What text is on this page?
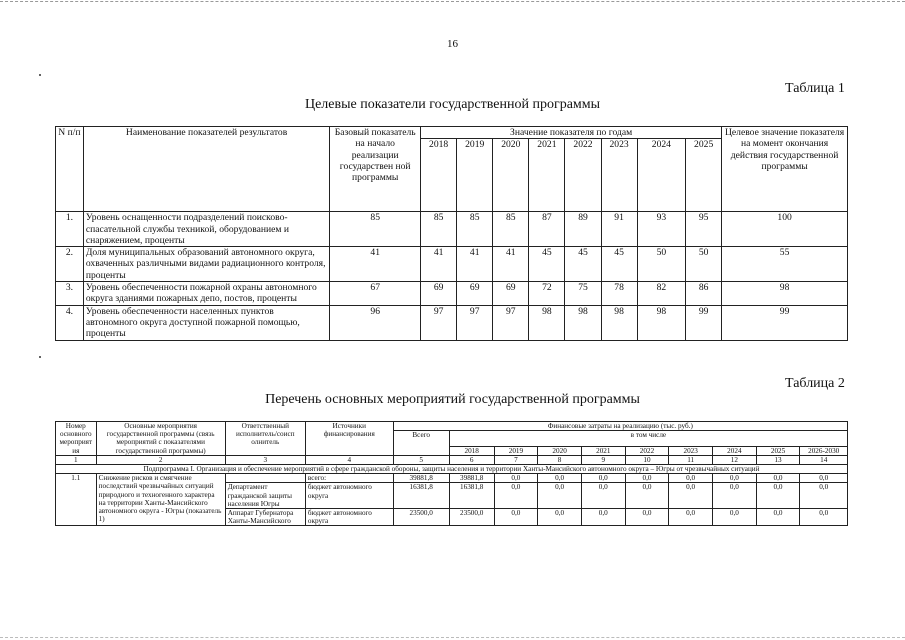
16
Таблица 1
Целевые показатели государственной программы
N п/п	Наименование показателей результатов	Базовый показатель на начало реализации государствен ной программы	Значение показателя по годам								Целевое значение показателя на момент окончания действия государственной программы
			2018	2019	2020	2021	2022	2023	2024	2025	
1.	Уровень оснащенности подразделений поисково-спасательной службы техникой, оборудованием и снаряжением, проценты	85	85	85	85	87	89	91	93	95	100
2.	Доля муниципальных образований автономного округа, охваченных различными видами радиационного контроля, проценты	41	41	41	41	45	45	45	50	50	55
3.	Уровень обеспеченности пожарной охраны автономного округа зданиями пожарных депо, постов, проценты	67	69	69	69	72	75	78	82	86	98
4.	Уровень обеспеченности населенных пунктов автономного округа доступной пожарной помощью, проценты	96	97	97	97	98	98	98	98	99	99
Таблица 2
Перечень основных мероприятий государственной программы
Номер основного мероприят ия	Основные мероприятия государственной программы (связь мероприятий с показателями государственной программы)	Ответственный исполнитель/соисп олнитель	Источники финансирования	Финансовые затраты на реализацию (тыс. руб.)									
				Всего	в том числе								
					2018	2019	2020	2021	2022	2023	2024	2025	2026-2030
1	2	3	4	5	6	7	8	9	10	11	12	13	14
Подпрограмма I. Организация и обеспечение мероприятий в сфере гражданской обороны, защиты населения и территории Ханты-Мансийского автономного округа – Югры от чрезвычайных ситуаций													
1.1	Снижение рисков и смягчение последствий чрезвычайных ситуаций природного и техногенного характера на территории Ханты-Мансийского автономного округа - Югры (показатель 1)		всего:	39881,8	39881,8	0,0	0,0	0,0	0,0	0,0	0,0	0,0	0,0
		Департамент гражданской защиты населения Югры	бюджет автономного округа	16381,8	16381,8	0,0	0,0	0,0	0,0	0,0	0,0	0,0	0,0
		Аппарат Губернатора Ханты-Мансийского	бюджет автономного округа	23500,0	23500,0	0,0	0,0	0,0	0,0	0,0	0,0	0,0	0,0
